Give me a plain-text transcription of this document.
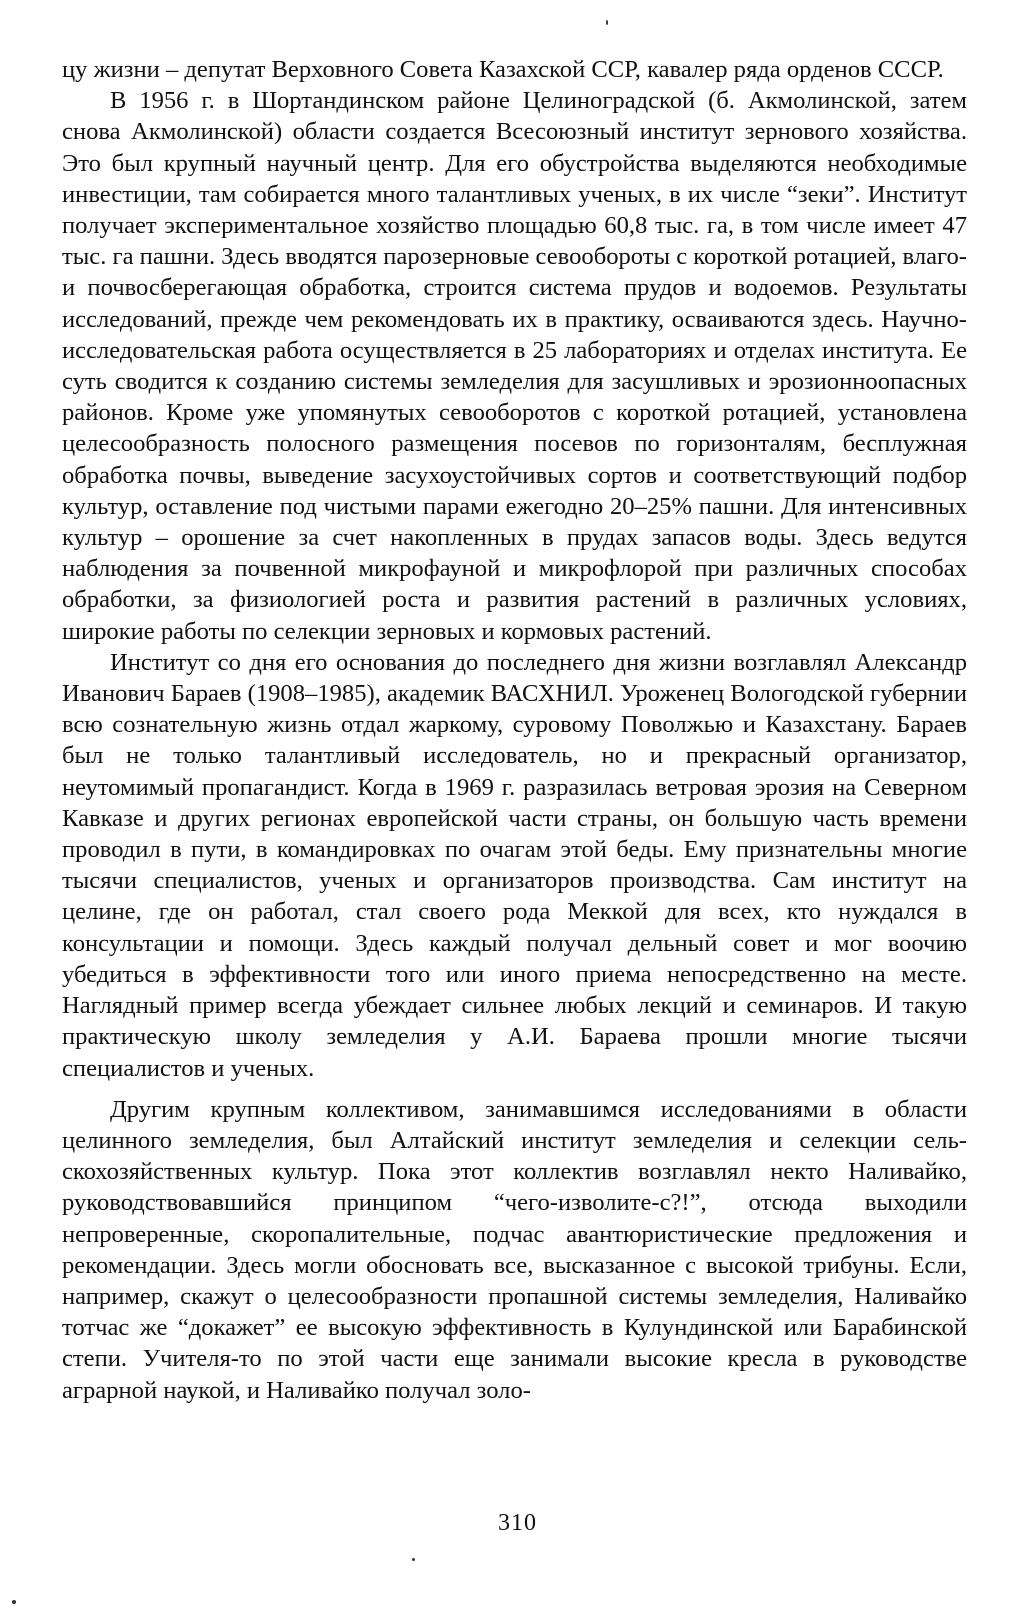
цу жизни – депутат Верховного Совета Казахской ССР, кавалер ряда орденов СССР.

В 1956 г. в Шортандинском районе Целиноградской (б. Акмолинской, затем снова Акмолинской) области создается Всесоюзный институт зернового хозяйства. Это был крупный научный центр. Для его обустройства выделяются необходимые инвестиции, там собирается много талантливых ученых, в их числе “зеки”. Институт получает экспериментальное хозяйство площадью 60,8 тыс. га, в том числе имеет 47 тыс. га пашни. Здесь вводятся парозерновые севообороты с короткой ротацией, влаго- и почвосберегающая обработка, строится система прудов и водоемов. Результаты исследований, прежде чем рекомендовать их в практику, осваиваются здесь. Научно-исследовательская работа осуществляется в 25 лабораториях и отделах института. Ее суть сводится к созданию системы земледелия для засушливых и эрозионноопасных районов. Кроме уже упомянутых севооборотов с короткой ротацией, установлена целесообразность полосного размещения посевов по горизонталям, бесплужная обработка почвы, выведение засухоустойчивых сортов и соответствующий подбор культур, оставление под чистыми парами ежегодно 20–25% пашни. Для интенсивных культур – орошение за счет накопленных в прудах запасов воды. Здесь ведутся наблюдения за почвенной микрофауной и микрофлорой при различных способах обработки, за физиологией роста и развития растений в различных условиях, широкие работы по селекции зерновых и кормовых растений.

Институт со дня его основания до последнего дня жизни возглавлял Александр Иванович Бараев (1908–1985), академик ВАСХНИЛ. Уроженец Вологодской губернии всю сознательную жизнь отдал жаркому, суровому Поволжью и Казахстану. Бараев был не только талантливый исследователь, но и прекрасный организатор, неутомимый пропагандист. Когда в 1969 г. разразилась ветровая эрозия на Северном Кавказе и других регионах европейской части страны, он большую часть времени проводил в пути, в командировках по очагам этой беды. Ему признательны многие тысячи специалистов, ученых и организаторов производства. Сам институт на целине, где он работал, стал своего рода Меккой для всех, кто нуждался в консультации и помощи. Здесь каждый получал дельный совет и мог воочию убедиться в эффективности того или иного приема непосредственно на месте. Наглядный пример всегда убеждает сильнее любых лекций и семинаров. И такую практическую школу земледелия у А.И. Бараева прошли многие тысячи специалистов и ученых.

Другим крупным коллективом, занимавшимся исследованиями в области целинного земледелия, был Алтайский институт земледелия и селекции сельскохозяйственных культур. Пока этот коллектив возглавлял некто Наливайко, руководствовавшийся принципом “чего-изволите-с?!”, отсюда выходили непроверенные, скоропалительные, подчас авантюристические предложения и рекомендации. Здесь могли обосновать все, высказанное с высокой трибуны. Если, например, скажут о целесообразности пропашной системы земледелия, Наливайко тотчас же “докажет” ее высокую эффективность в Кулундинской или Барабинской степи. Учителя-то по этой части еще занимали высокие кресла в руководстве аграрной наукой, и Наливайко получал золо-

310
